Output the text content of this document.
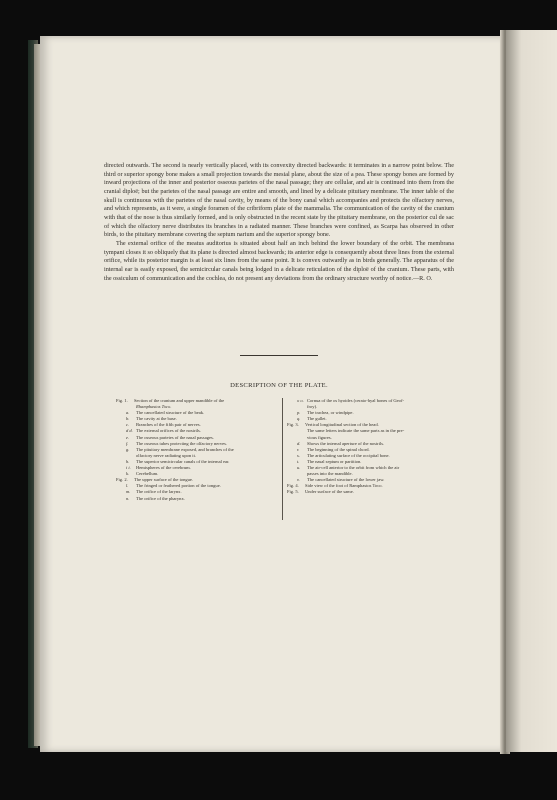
directed outwards. The second is nearly vertically placed, with its convexity directed backwards: it terminates in a narrow point below. The third or superior spongy bone makes a small projection towards the mesial plane, about the size of a pea. These spongy bones are formed by inward projections of the inner and posterior osseous parietes of the nasal passage; they are cellular, and air is continued into them from the cranial diploë; but the parietes of the nasal passage are entire and smooth, and lined by a delicate pituitary membrane. The inner table of the skull is continuous with the parietes of the nasal cavity, by means of the bony canal which accompanies and protects the olfactory nerves, and which represents, as it were, a single foramen of the cribriform plate of the mammalia. The communication of the cavity of the cranium with that of the nose is thus similarly formed, and is only obstructed in the recent state by the pituitary membrane, on the posterior cul de sac of which the olfactory nerve distributes its branches in a radiated manner. These branches were confined, as Scarpa has observed in other birds, to the pituitary membrane covering the septum narium and the superior spongy bone.

The external orifice of the meatus auditorius is situated about half an inch behind the lower boundary of the orbit. The membrana tympani closes it so obliquely that its plane is directed almost backwards; its anterior edge is consequently about three lines from the external orifice, while its posterior margin is at least six lines from the same point. It is convex outwardly as in birds generally. The apparatus of the internal ear is easily exposed, the semicircular canals being lodged in a delicate reticulation of the diploë of the cranium. These parts, with the ossiculum of communication and the cochlea, do not present any deviations from the ordinary structure worthy of notice.—R. O.

DESCRIPTION OF THE PLATE.
Fig. 1. Section of the cranium and upper mandible of the
Rhamphastos Toco.
a. The cancellated structure of the beak.
b. The cavity at the base.
c. Branches of the fifth pair of nerves.
d d. The external orifices of the nostrils.
e. The osseous parietes of the nasal passages.
f. The osseous tubes protecting the olfactory nerves.
g. The pituitary membrane exposed, and branches of the
olfactory nerve radiating upon it.
h. The superior semicircular canals of the internal ear.
i i. Hemispheres of the cerebrum.
k. Cerebellum.
Fig. 2. The upper surface of the tongue.
l. The fringed or feathered portion of the tongue.
m. The orifice of the larynx.
n. The orifice of the pharynx.
o o. Cornua of the os hyoides (cerato-hyal bones of Geof-
froy).
p. The trachea, or windpipe.
q. The gullet.
Fig. 3. Vertical longitudinal section of the head.
The same letters indicate the same parts as in the pre-
vious figures.
d. Shows the internal aperture of the nostrils.
r. The beginning of the spinal chord.
s. The articulating surface of the occipital bone.
t. The nasal septum or partition.
u. The air-cell anterior to the orbit from which the air
passes into the mandible.
v. The cancellated structure of the lower jaw.
Fig. 4. Side view of the foot of Ramphastos Toco.
Fig. 5. Under surface of the same.
